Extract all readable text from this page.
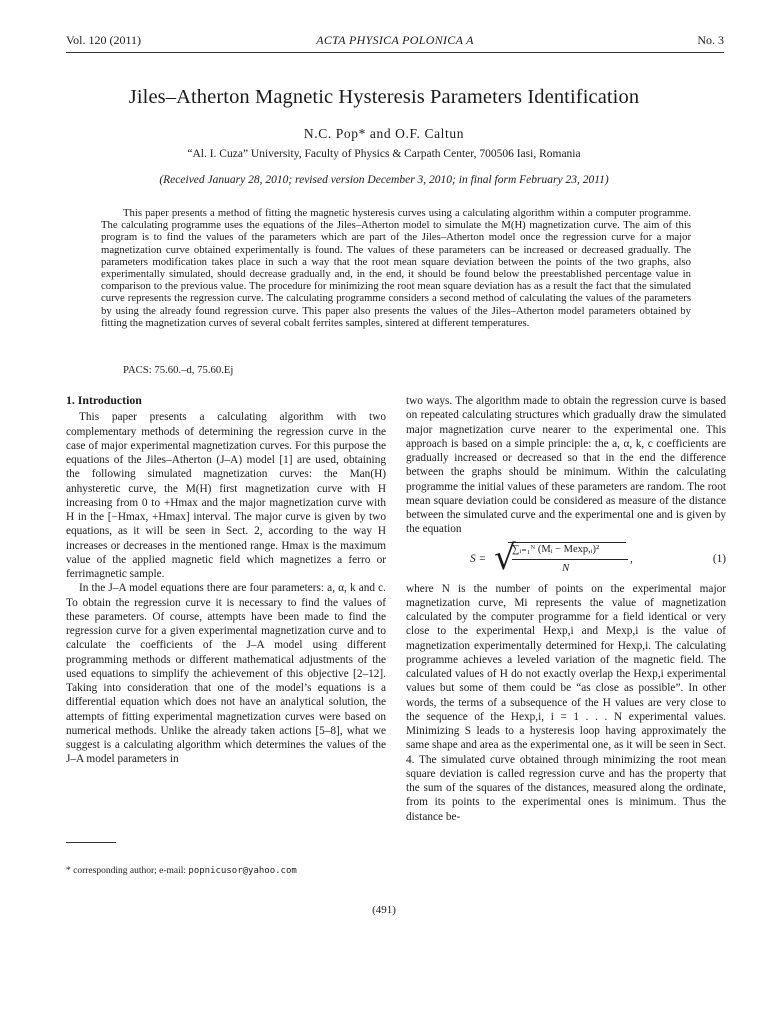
Vol. 120 (2011)	ACTA PHYSICA POLONICA A	No. 3
Jiles–Atherton Magnetic Hysteresis Parameters Identification
N.C. Pop* and O.F. Caltun
“Al. I. Cuza” University, Faculty of Physics & Carpath Center, 700506 Iasi, Romania
(Received January 28, 2010; revised version December 3, 2010; in final form February 23, 2011)

This paper presents a method of fitting the magnetic hysteresis curves using a calculating algorithm within a computer programme. The calculating programme uses the equations of the Jiles–Atherton model to simulate the M(H) magnetization curve. The aim of this program is to find the values of the parameters which are part of the Jiles–Atherton model once the regression curve for a major magnetization curve obtained experimentally is found. The values of these parameters can be increased or decreased gradually. The parameters modification takes place in such a way that the root mean square deviation between the points of the two graphs, also experimentally simulated, should decrease gradually and, in the end, it should be found below the preestablished percentage value in comparison to the previous value. The procedure for minimizing the root mean square deviation has as a result the fact that the simulated curve represents the regression curve. The calculating programme considers a second method of calculating the values of the parameters by using the already found regression curve. This paper also presents the values of the Jiles–Atherton model parameters obtained by fitting the magnetization curves of several cobalt ferrites samples, sintered at different temperatures.

PACS: 75.60.–d, 75.60.Ej

1. Introduction

This paper presents a calculating algorithm with two complementary methods of determining the regression curve in the case of major experimental magnetization curves. For this purpose the equations of the Jiles–Atherton (J–A) model [1] are used, obtaining the following simulated magnetization curves: the Man(H) anhysteretic curve, the M(H) first magnetization curve with H increasing from 0 to +Hmax and the major magnetization curve with H in the [−Hmax, +Hmax] interval. The major curve is given by two equations, as it will be seen in Sect. 2, according to the way H increases or decreases in the mentioned range. Hmax is the maximum value of the applied magnetic field which magnetizes a ferro or ferrimagnetic sample.

In the J–A model equations there are four parameters: a, α, k and c. To obtain the regression curve it is necessary to find the values of these parameters. Of course, attempts have been made to find the regression curve for a given experimental magnetization curve and to calculate the coefficients of the J–A model using different programming methods or different mathematical adjustments of the used equations to simplify the achievement of this objective [2–12]. Taking into consideration that one of the model’s equations is a differential equation which does not have an analytical solution, the attempts of fitting experimental magnetization curves were based on numerical methods. Unlike the already taken actions [5–8], what we suggest is a calculating algorithm which determines the values of the J–A model parameters in

two ways. The algorithm made to obtain the regression curve is based on repeated calculating structures which gradually draw the simulated major magnetization curve nearer to the experimental one. This approach is based on a simple principle: the a, α, k, c coefficients are gradually increased or decreased so that in the end the difference between the graphs should be minimum. Within the calculating programme the initial values of these parameters are random. The root mean square deviation could be considered as measure of the distance between the simulated curve and the experimental one and is given by the equation

S = √
∑ᵢ₌₁ᴺ (Mᵢ − Mexp,ᵢ)²
N
,	(1)

where N is the number of points on the experimental major magnetization curve, Mi represents the value of magnetization calculated by the computer programme for a field identical or very close to the experimental Hexp,i and Mexp,i is the value of magnetization experimentally determined for Hexp,i. The calculating programme achieves a leveled variation of the magnetic field. The calculated values of H do not exactly overlap the Hexp,i experimental values but some of them could be “as close as possible”. In other words, the terms of a subsequence of the H values are very close to the sequence of the Hexp,i, i = 1 . . . N experimental values. Minimizing S leads to a hysteresis loop having approximately the same shape and area as the experimental one, as it will be seen in Sect. 4. The simulated curve obtained through minimizing the root mean square deviation is called regression curve and has the property that the sum of the squares of the distances, measured along the ordinate, from its points to the experimental ones is minimum. Thus the distance be-

* corresponding author; e-mail: popnicusor@yahoo.com
(491)
